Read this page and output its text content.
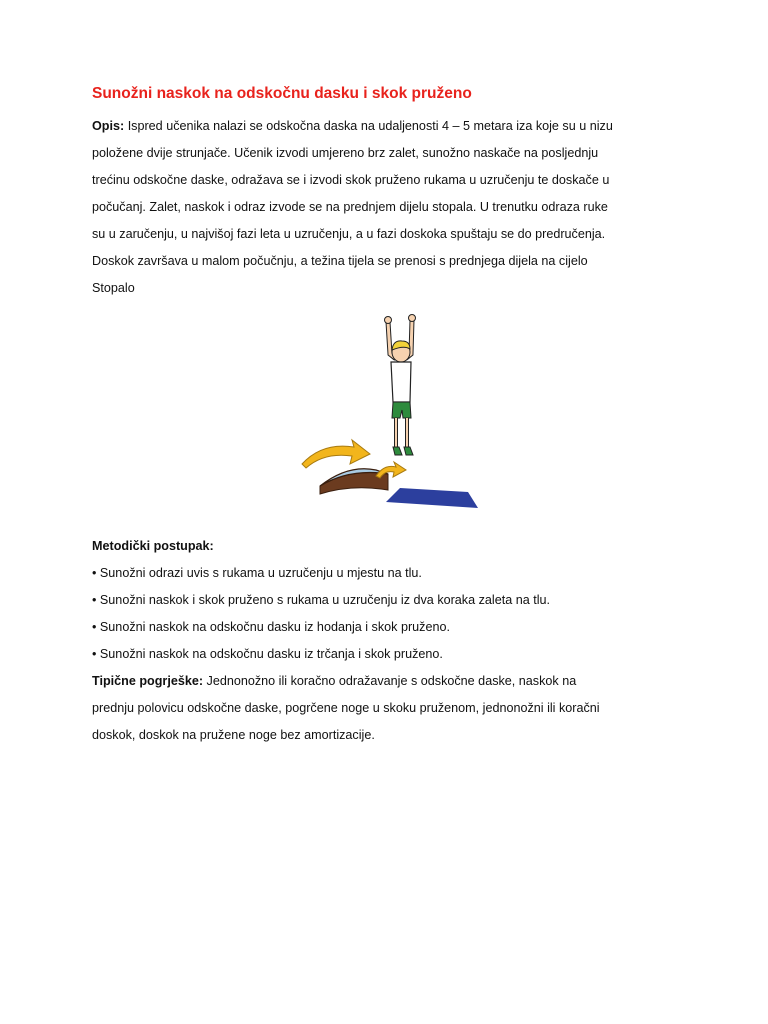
Sunožni naskok na odskočnu dasku i skok pruženo
Opis: Ispred učenika nalazi se odskočna daska na udaljenosti 4 – 5 metara iza koje su u nizu
položene dvije strunjače. Učenik izvodi umjereno brz zalet, sunožno naskače na posljednju
trećinu odskočne daske, odražava se i izvodi skok pruženo rukama u uzručenju te doskače u
počučanj. Zalet, naskok i odraz izvode se na prednjem dijelu stopala. U trenutku odraza ruke
su u zaručenju, u najvišoj fazi leta u uzručenju, a u fazi doskoka spuštaju se do predručenja.
Doskok završava u malom počučnju, a težina tijela se prenosi s prednjega dijela na cijelo
Stopalo
Metodički postupak:
• Sunožni odrazi uvis s rukama u uzručenju u mjestu na tlu.
• Sunožni naskok i skok pruženo s rukama u uzručenju iz dva koraka zaleta na tlu.
• Sunožni naskok na odskočnu dasku iz hodanja i skok pruženo.
• Sunožni naskok na odskočnu dasku iz trčanja i skok pruženo.
Tipične pogrješke: Jednonožno ili koračno odražavanje s odskočne daske, naskok na
prednju polovicu odskočne daske, pogrčene noge u skoku pruženom, jednonožni ili koračni
doskok, doskok na pružene noge bez amortizacije.
